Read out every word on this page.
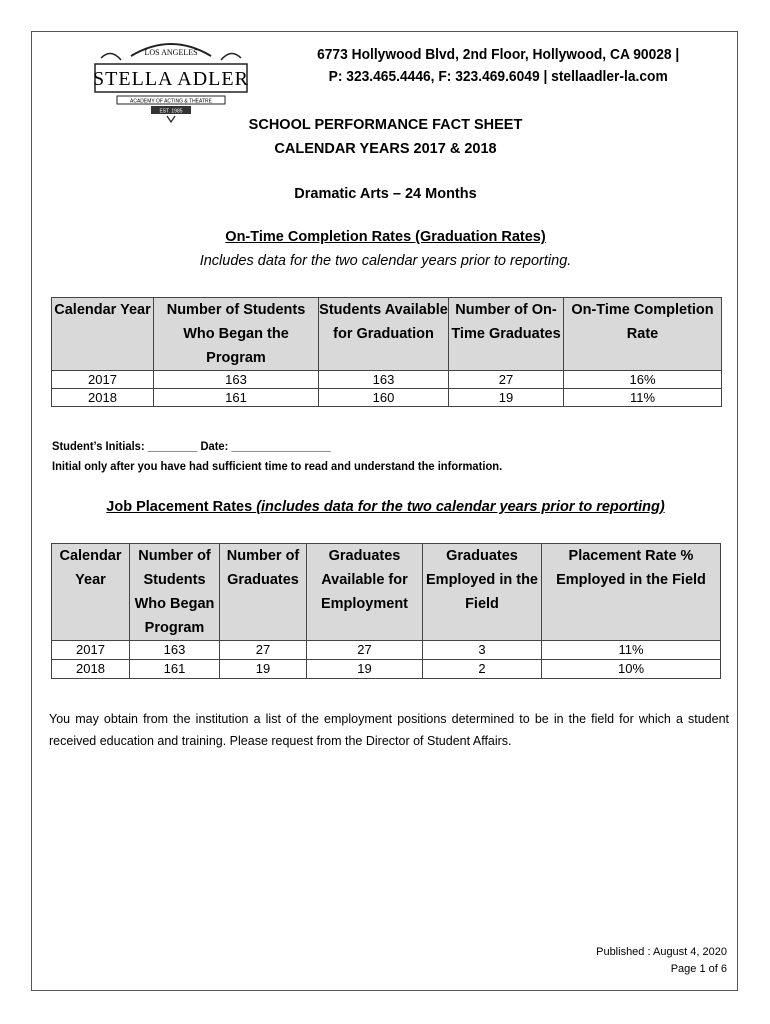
LOS ANGELES
STELLA ADLER
ACADEMY OF ACTING & THEATRE
EST. 1985
6773 Hollywood Blvd, 2nd Floor, Hollywood, CA 90028 |
P: 323.465.4446, F: 323.469.6049 | stellaadler-la.com
SCHOOL PERFORMANCE FACT SHEET
CALENDAR YEARS 2017 & 2018
Dramatic Arts – 24 Months
On-Time Completion Rates (Graduation Rates)
Includes data for the two calendar years prior to reporting.
Calendar Year	Number of Students Who Began the Program	Students Available for Graduation	Number of On-Time Graduates	On-Time Completion Rate
2017	163	163	27	16%
2018	161	160	19	11%
Student’s Initials: ________ Date: ________________
Initial only after you have had sufficient time to read and understand the information.
Job Placement Rates (includes data for the two calendar years prior to reporting)
Calendar Year	Number of Students Who Began Program	Number of Graduates	Graduates Available for Employment	Graduates Employed in the Field	Placement Rate % Employed in the Field
2017	163	27	27	3	11%
2018	161	19	19	2	10%
You may obtain from the institution a list of the employment positions determined to be in the field for which a student received education and training. Please request from the Director of Student Affairs.
Published : August 4, 2020
Page 1 of 6
